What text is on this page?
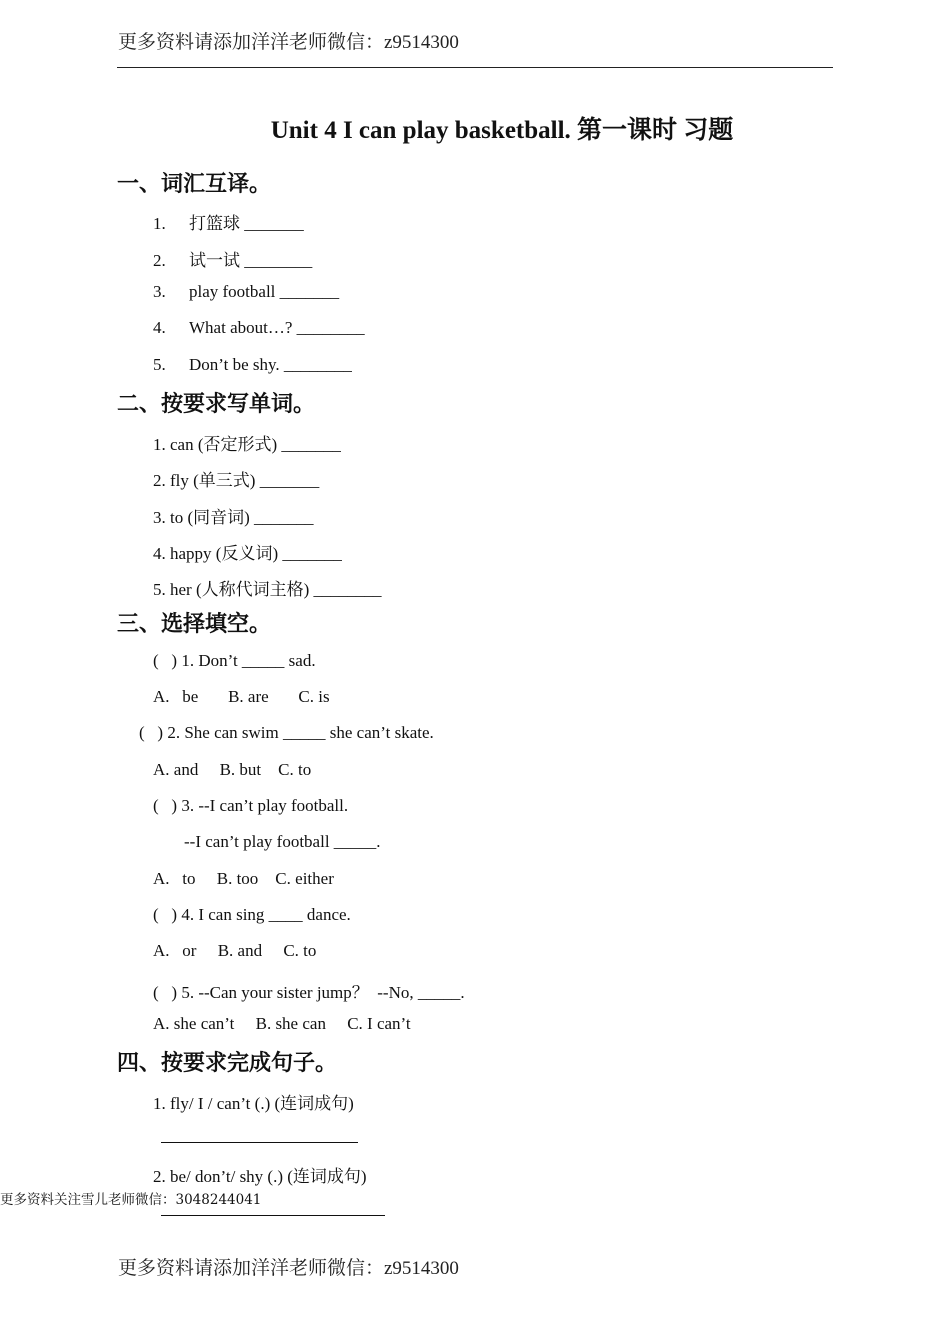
更多资料请添加洋洋老师微信：z9514300
Unit 4 I can play basketball. 第一课时 习题
一、词汇互译。
1. 打篮球 _______
2. 试一试 ________
3. play football _______
4. What about…? ________
5. Don’t be shy. ________
二、按要求写单词。
1. can (否定形式) _______
2. fly (单三式) _______
3. to (同音词) _______
4. happy (反义词) _______
5. her (人称代词主格) ________
三、选择填空。
(   ) 1. Don’t _____ sad.
A.   be       B. are       C. is
(   ) 2. She can swim _____ she can’t skate.
A. and     B. but    C. to
(   ) 3. --I can’t play football.
--I can’t play football _____.
A.   to     B. too    C. either
(   ) 4. I can sing ____ dance.
A.   or     B. and     C. to
(   ) 5. --Can your sister jump？  --No, _____.
A. she can’t     B. she can     C. I can’t
四、按要求完成句子。
1. fly/ I / can’t (.) (连词成句)
2. be/ don’t/ shy (.) (连词成句)
更多资料关注雪儿老师微信：3048244041
更多资料请添加洋洋老师微信：z9514300
